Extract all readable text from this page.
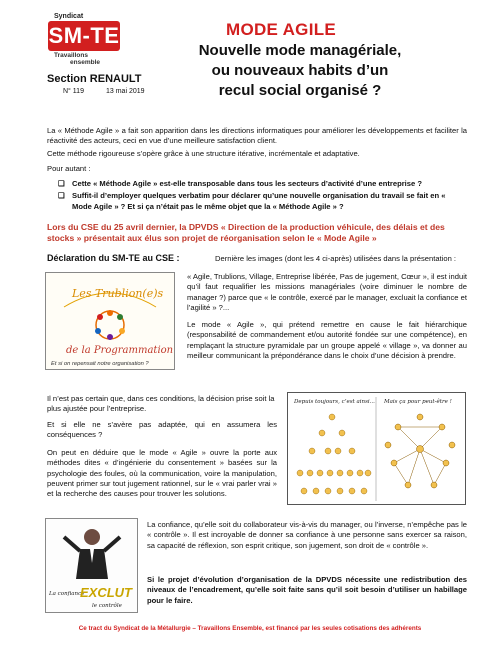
Syndicat
SM-TE
Travaillons
ensemble
Section RENAULT
N° 119	13 mai 2019
MODE AGILE
Nouvelle mode managériale,
ou nouveaux habits d’un
recul social organisé ?
La « Méthode Agile » a fait son apparition dans les directions informatiques pour améliorer les développements et faciliter la réactivité des acteurs, ceci en vue d’une meilleure satisfaction client.
Cette méthode rigoureuse s’opère grâce à une structure itérative, incrémentale et adaptative.
Pour autant :
❏ Cette « Méthode Agile » est-elle transposable dans tous les secteurs d’activité d’une entreprise ?
❏ Suffit-il d’employer quelques verbatim pour déclarer qu’une nouvelle organisation du travail se fait en « Mode Agile » ? Et si ça n’était pas le même objet que la « Méthode Agile » ?
Lors du CSE du 25 avril dernier, la DPVDS « Direction de la production véhicule, des délais et des stocks » présentait aux élus son projet de réorganisation selon le « Mode Agile »
Déclaration du SM-TE au CSE :	Dernière les images (dont les 4 ci-après) utilisées dans la présentation :
Les Trublion(e)s
de la Programmation
Et si on repensait notre organisation ?
« Agile, Trublions, Village, Entreprise libérée, Pas de jugement, Cœur », il est induit qu’il faut requalifier les missions managériales (voire diminuer le nombre de manager ?) parce que « le contrôle, exercé par le manager, excluait la confiance et l’agilité » ?...
Le mode « Agile », qui prétend remettre en cause le fait hiérarchique (responsabilité de commandement et/ou autorité fondée sur une compétence), en remplaçant la structure pyramidale par un groupe appelé « village », va donner au meilleur communicant la prépondérance dans le choix d’une décision à prendre.
Il n’est pas certain que, dans ces conditions, la décision prise soit la plus ajustée pour l’entreprise.
Et si elle ne s’avère pas adaptée, qui en assumera les conséquences ?
On peut en déduire que le mode « Agile » ouvre la porte aux méthodes dites « d’ingénierie du consentement » basées sur la psychologie des foules, où la communication, voire la manipulation, peuvent primer sur tout jugement rationnel, sur le « vrai parler vrai » et la recherche des causes pour trouver les solutions.
Depuis toujours, c’est ainsi... Mais ça pour peut-être !
La confiance
EXCLUT
le contrôle
La confiance, qu’elle soit du collaborateur vis-à-vis du manager, ou l’inverse, n’empêche pas le « contrôle ». Il est incroyable de donner sa confiance à une personne sans exercer sa raison, sa capacité de réflexion, son esprit critique, son jugement, son droit de « contrôle ».
Si le projet d’évolution d’organisation de la DPVDS nécessite une redistribution des niveaux de l’encadrement, qu’elle soit faite sans qu’il soit besoin d’utiliser un habillage pour le faire.
Ce tract du Syndicat de la Métallurgie – Travaillons Ensemble, est financé par les seules cotisations des adhérents
